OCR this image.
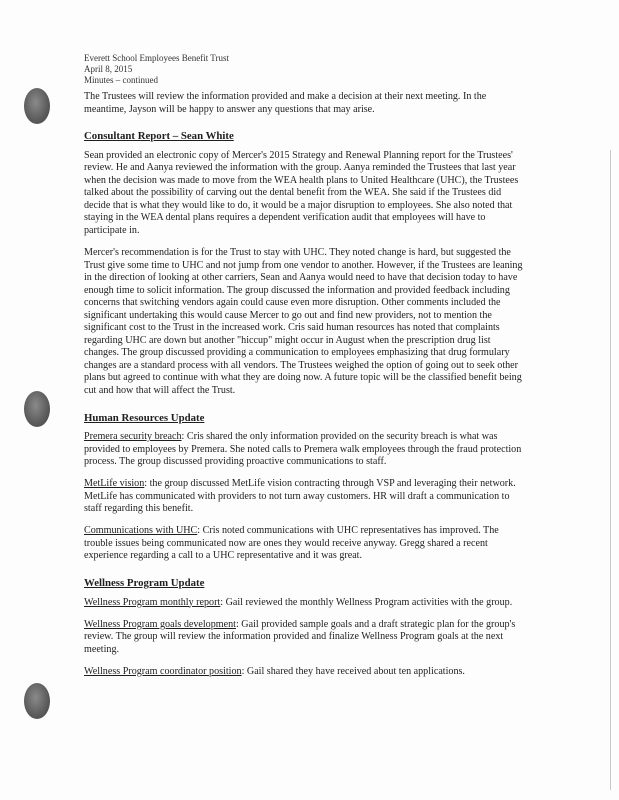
Everett School Employees Benefit Trust
April 8, 2015
Minutes – continued

The Trustees will review the information provided and make a decision at their next meeting. In the meantime, Jayson will be happy to answer any questions that may arise.

Consultant Report – Sean White

Sean provided an electronic copy of Mercer's 2015 Strategy and Renewal Planning report for the Trustees' review. He and Aanya reviewed the information with the group. Aanya reminded the Trustees that last year when the decision was made to move from the WEA health plans to United Healthcare (UHC), the Trustees talked about the possibility of carving out the dental benefit from the WEA. She said if the Trustees did decide that is what they would like to do, it would be a major disruption to employees. She also noted that staying in the WEA dental plans requires a dependent verification audit that employees will have to participate in.

Mercer's recommendation is for the Trust to stay with UHC. They noted change is hard, but suggested the Trust give some time to UHC and not jump from one vendor to another. However, if the Trustees are leaning in the direction of looking at other carriers, Sean and Aanya would need to have that decision today to have enough time to solicit information. The group discussed the information and provided feedback including concerns that switching vendors again could cause even more disruption. Other comments included the significant undertaking this would cause Mercer to go out and find new providers, not to mention the significant cost to the Trust in the increased work. Cris said human resources has noted that complaints regarding UHC are down but another "hiccup" might occur in August when the prescription drug list changes. The group discussed providing a communication to employees emphasizing that drug formulary changes are a standard process with all vendors. The Trustees weighed the option of going out to seek other plans but agreed to continue with what they are doing now. A future topic will be the classified benefit being cut and how that will affect the Trust.

Human Resources Update

Premera security breach: Cris shared the only information provided on the security breach is what was provided to employees by Premera. She noted calls to Premera walk employees through the fraud protection process. The group discussed providing proactive communications to staff.

MetLife vision: the group discussed MetLife vision contracting through VSP and leveraging their network. MetLife has communicated with providers to not turn away customers. HR will draft a communication to staff regarding this benefit.

Communications with UHC: Cris noted communications with UHC representatives has improved. The trouble issues being communicated now are ones they would receive anyway. Gregg shared a recent experience regarding a call to a UHC representative and it was great.

Wellness Program Update

Wellness Program monthly report: Gail reviewed the monthly Wellness Program activities with the group.

Wellness Program goals development: Gail provided sample goals and a draft strategic plan for the group's review. The group will review the information provided and finalize Wellness Program goals at the next meeting.

Wellness Program coordinator position: Gail shared they have received about ten applications.
